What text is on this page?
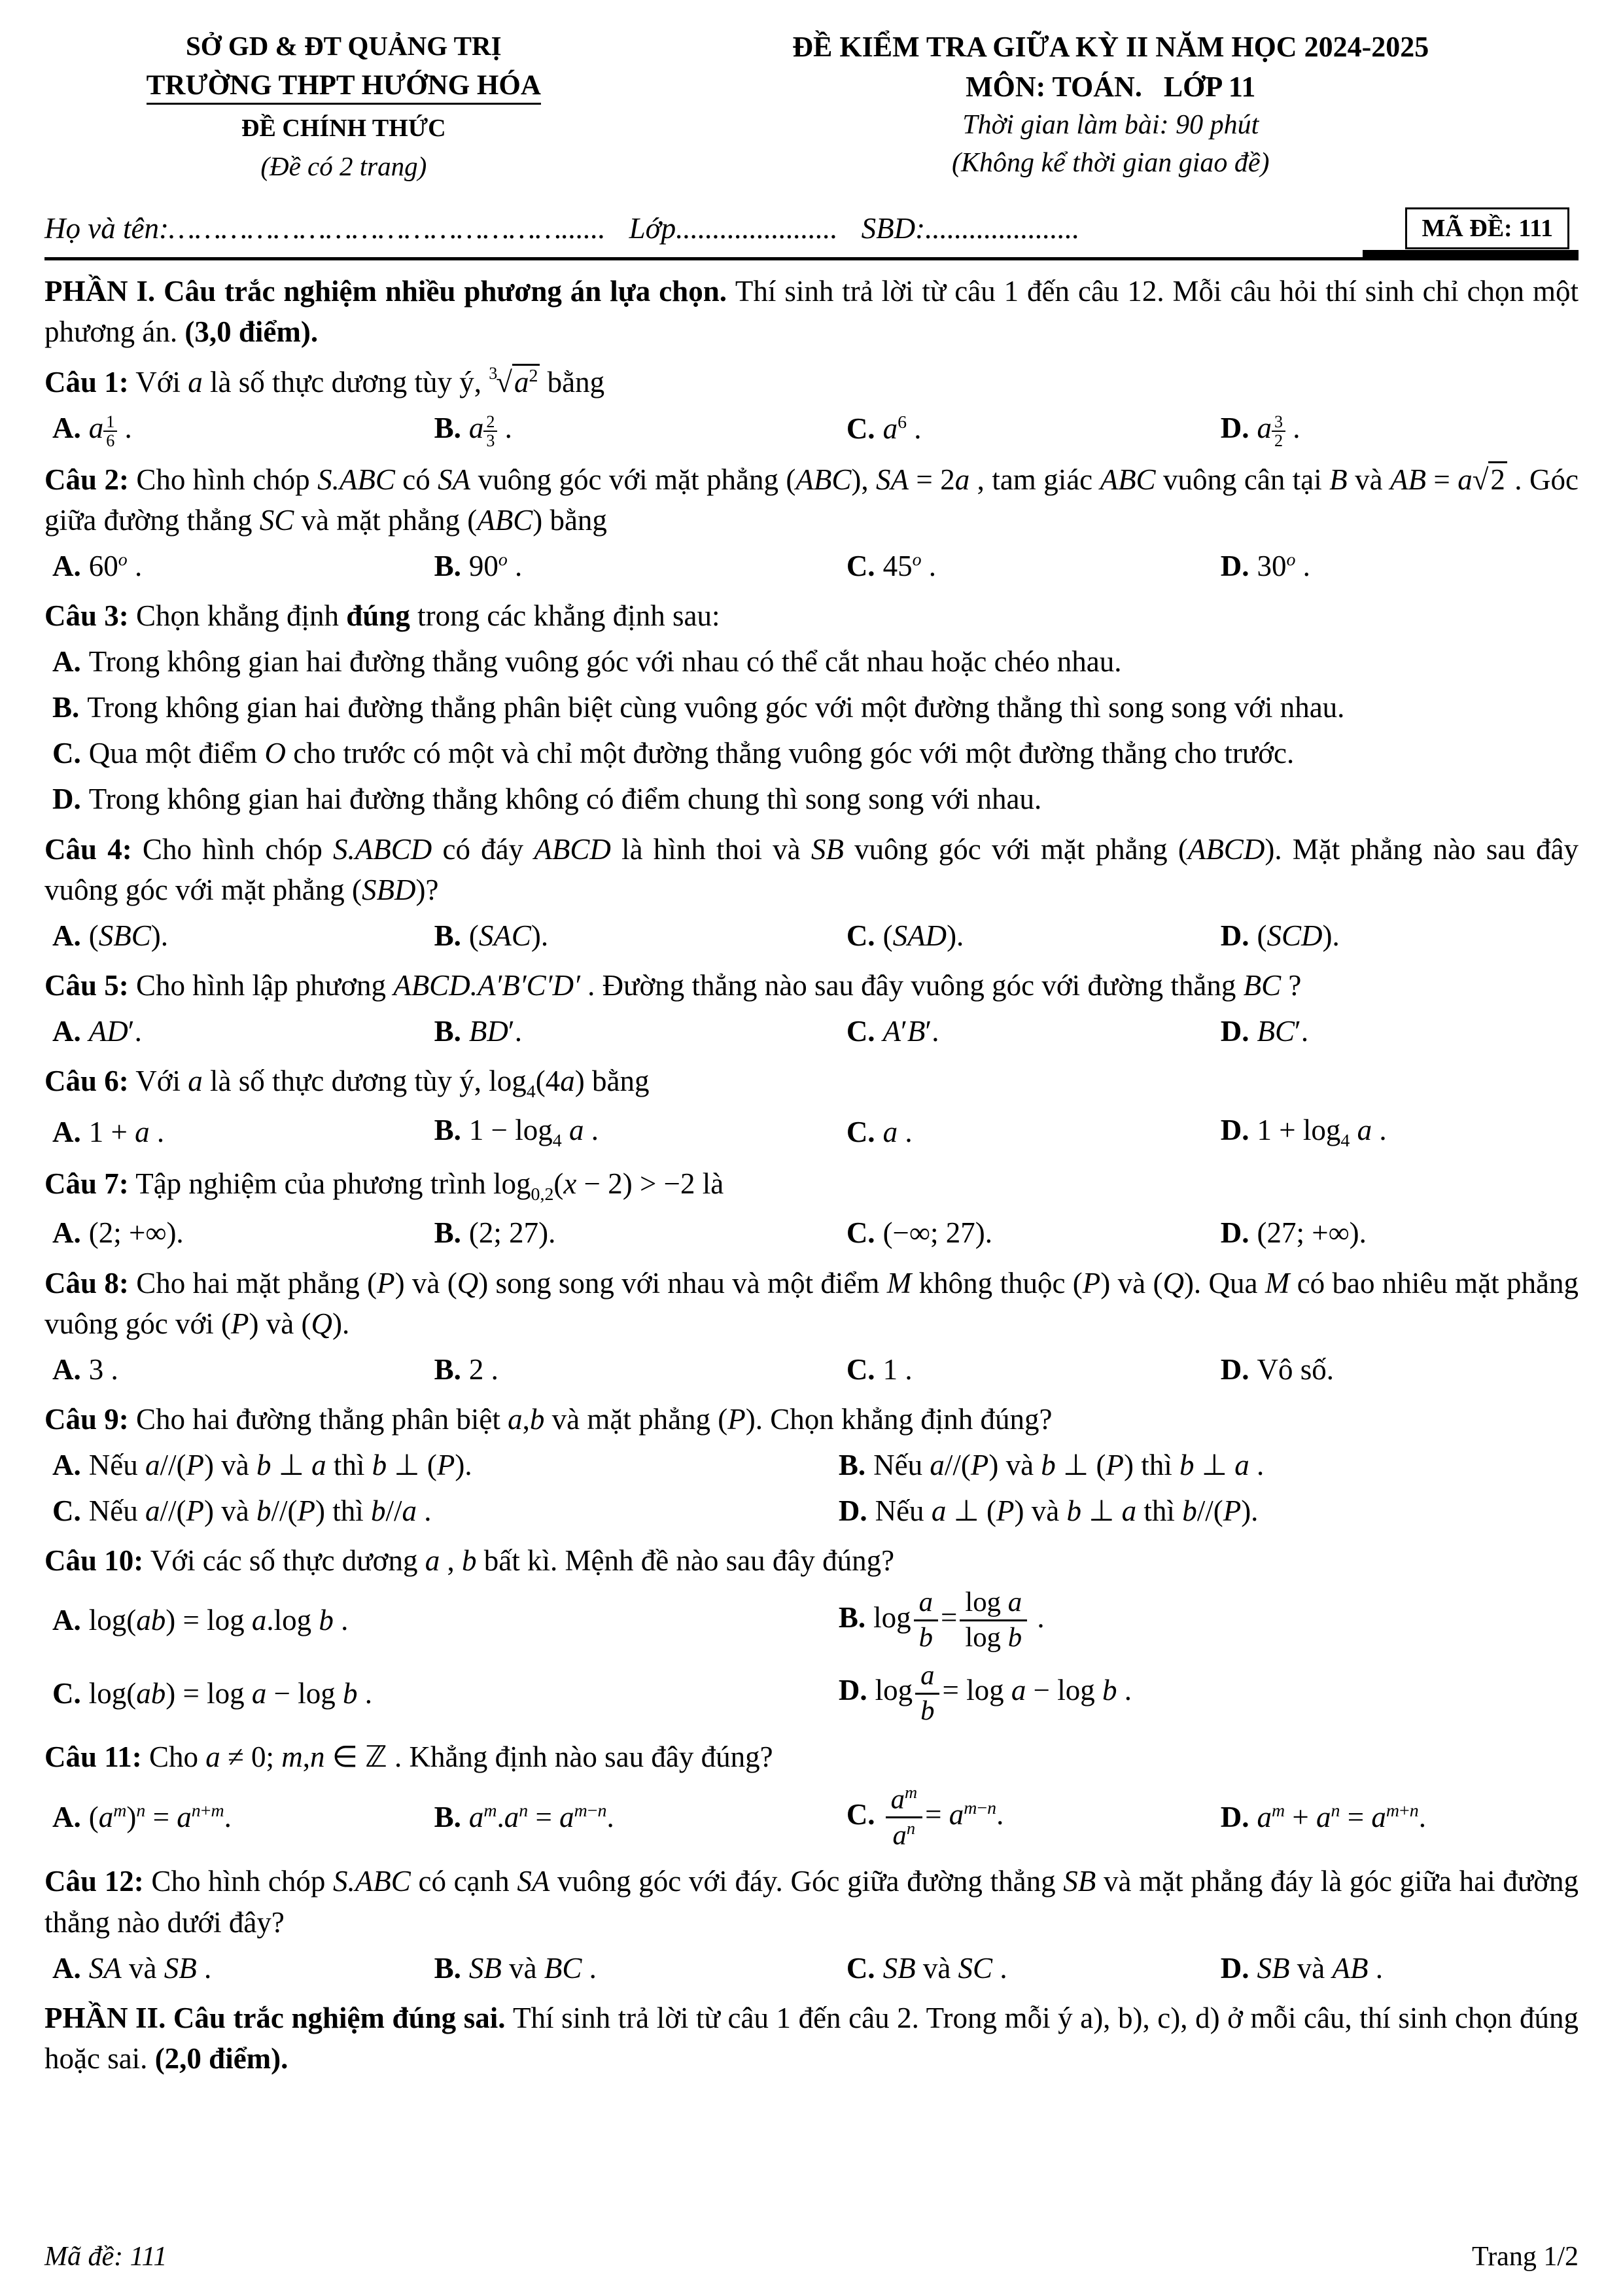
SỞ GD & ĐT QUẢNG TRỊ
TRƯỜNG THPT HƯỚNG HÓA
ĐỀ CHÍNH THỨC
(Đề có 2 trang)
ĐỀ KIỂM TRA GIỮA KỲ II NĂM HỌC 2024-2025
MÔN: TOÁN.   LỚP 11
Thời gian làm bài: 90 phút
(Không kể thời gian giao đề)
Họ và tên:………………………………………...... Lớp...................... SBD:.....................	MÃ ĐỀ: 111

PHẦN I. Câu trắc nghiệm nhiều phương án lựa chọn. Thí sinh trả lời từ câu 1 đến câu 12. Mỗi câu hỏi thí sinh chỉ chọn một phương án. (3,0 điểm).

Câu 1: Với a là số thực dương tùy ý, $^3√a^2$ bằng
A. a $\frac{1}{6}$ .	B. a $\frac{2}{3}$ .	C. $a^6$ .	D. a $\frac{3}{2}$ .
Câu 2: Cho hình chóp S.ABC có SA vuông góc với mặt phẳng (ABC), SA = 2a , tam giác ABC vuông cân tại B và AB = a√2 . Góc giữa đường thẳng SC và mặt phẳng (ABC) bằng
A. 60$^o$ .	B. 90$^o$ .	C. 45$^o$ .	D. 30$^o$ .
Câu 3: Chọn khẳng định đúng trong các khẳng định sau:
A. Trong không gian hai đường thẳng vuông góc với nhau có thể cắt nhau hoặc chéo nhau.
B. Trong không gian hai đường thẳng phân biệt cùng vuông góc với một đường thẳng thì song song với nhau.
C. Qua một điểm O cho trước có một và chỉ một đường thẳng vuông góc với một đường thẳng cho trước.
D. Trong không gian hai đường thẳng không có điểm chung thì song song với nhau.
Câu 4: Cho hình chóp S.ABCD có đáy ABCD là hình thoi và SB vuông góc với mặt phẳng (ABCD). Mặt phẳng nào sau đây vuông góc với mặt phẳng (SBD)?
A. (SBC).	B. (SAC).	C. (SAD).	D. (SCD).
Câu 5: Cho hình lập phương ABCD.A′B′C′D′ . Đường thẳng nào sau đây vuông góc với đường thẳng BC ?
A. AD′.	B. BD′.	C. A′B′.	D. BC′.
Câu 6: Với a là số thực dương tùy ý, $\log_4(4a)$ bằng
A. 1 + a .	B. $1 - \log_4 a$ .	C. a .	D. $1 + \log_4 a$ .
Câu 7: Tập nghiệm của phương trình $\log_{0,2}(x - 2) > -2$ là
A. (2; +∞).	B. (2; 27).	C. (−∞; 27).	D. (27; +∞).
Câu 8: Cho hai mặt phẳng (P) và (Q) song song với nhau và một điểm M không thuộc (P) và (Q). Qua M có bao nhiêu mặt phẳng vuông góc với (P) và (Q).
A. 3 .	B. 2 .	C. 1 .	D. Vô số.
Câu 9: Cho hai đường thẳng phân biệt a,b và mặt phẳng (P). Chọn khẳng định đúng?
A. Nếu a//(P) và b ⊥ a thì b ⊥ (P).	B. Nếu a//(P) và b ⊥ (P) thì b ⊥ a .
C. Nếu a//(P) và b//(P) thì b//a .	D. Nếu a ⊥ (P) và b ⊥ a thì b//(P).
Câu 10: Với các số thực dương a , b bất kì. Mệnh đề nào sau đây đúng?
A. log(ab) = log a.log b .	B. $\log \frac{a}{b} = \frac{\text{log a}}{\text{log b}}$ .
C. log(ab) = log a − log b .	D. $\log \frac{a}{b} = \log a - \log b$ .
Câu 11: Cho a ≠ 0; m,n ∈ ℤ . Khẳng định nào sau đây đúng?
A. $(a^m)^n = a^{n+m}$.	B. $a^m.a^n = a^{m-n}$.	C. $\frac{a^m}{a^n} = a^{m-n}$.	D. $a^m + a^n = a^{m+n}$.
Câu 12: Cho hình chóp S.ABC có cạnh SA vuông góc với đáy. Góc giữa đường thẳng SB và mặt phẳng đáy là góc giữa hai đường thẳng nào dưới đây?
A. SA và SB .	B. SB và BC .	C. SB và SC .	D. SB và AB .

PHẦN II. Câu trắc nghiệm đúng sai. Thí sinh trả lời từ câu 1 đến câu 2. Trong mỗi ý a), b), c), d) ở mỗi câu, thí sinh chọn đúng hoặc sai. (2,0 điểm).

Mã đề: 111	Trang 1/2
